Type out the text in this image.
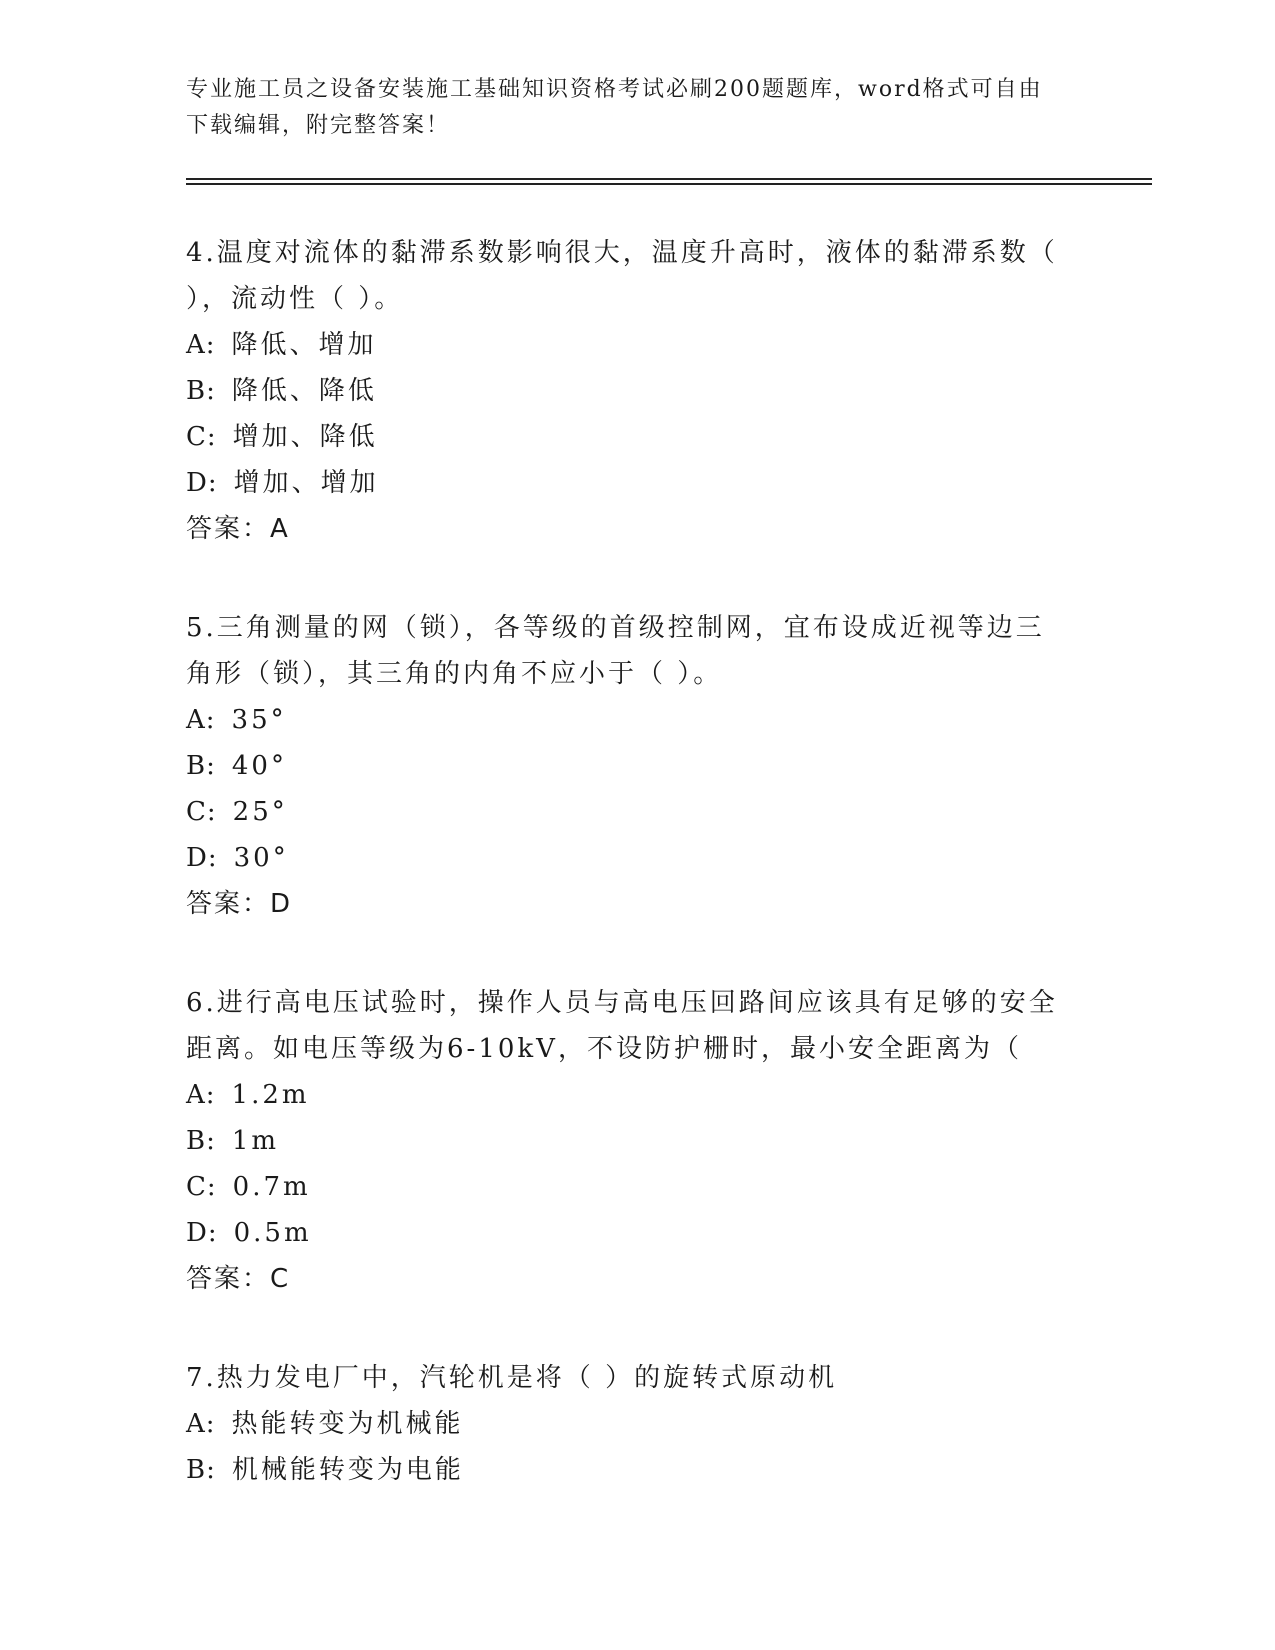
专业施工员之设备安装施工基础知识资格考试必刷200题题库，word格式可自由
下载编辑，附完整答案！
4.温度对流体的黏滞系数影响很大，温度升高时，液体的黏滞系数（
），流动性（ ）。
A: 降低、增加
B: 降低、降低
C: 增加、降低
D: 增加、增加
答案：A
5.三角测量的网（锁），各等级的首级控制网，宜布设成近视等边三
角形（锁），其三角的内角不应小于（ ）。
A: 35°
B: 40°
C: 25°
D: 30°
答案：D
6.进行高电压试验时，操作人员与高电压回路间应该具有足够的安全
距离。如电压等级为6-10kV，不设防护栅时，最小安全距离为（
A: 1.2m
B: 1m
C: 0.7m
D: 0.5m
答案：C
7.热力发电厂中，汽轮机是将（ ）的旋转式原动机
A: 热能转变为机械能
B: 机械能转变为电能
